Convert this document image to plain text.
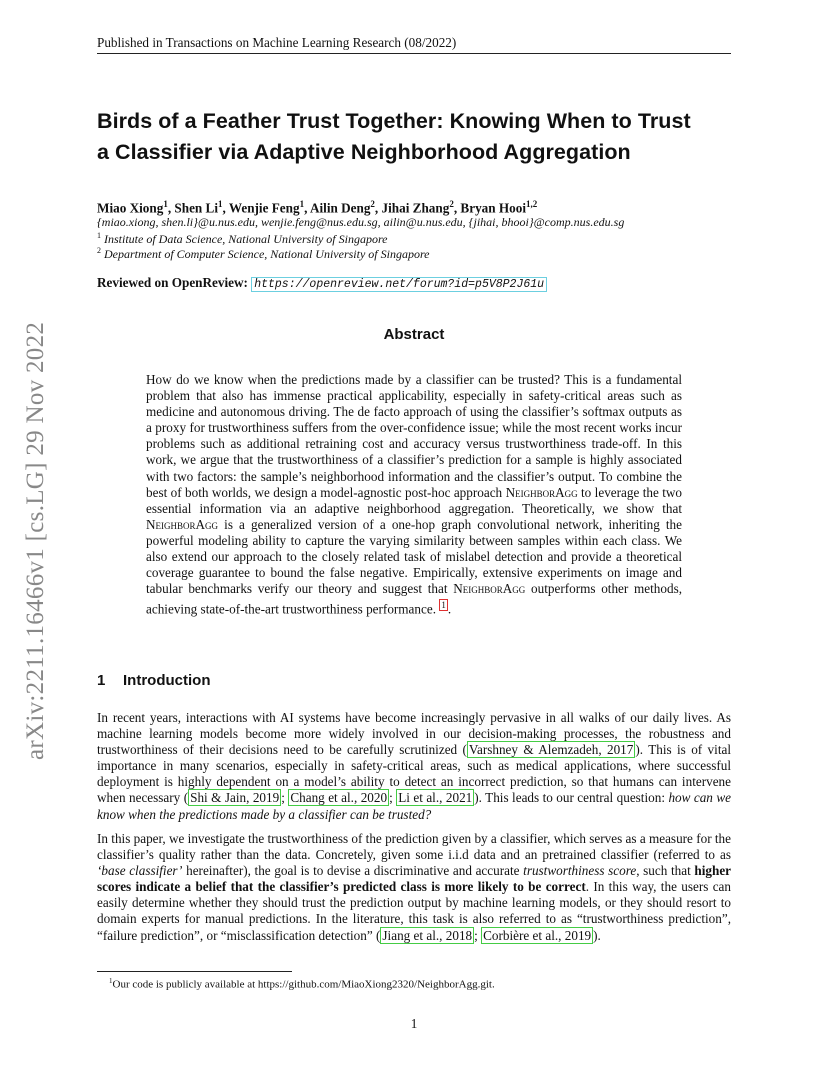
Published in Transactions on Machine Learning Research (08/2022)
Birds of a Feather Trust Together: Knowing When to Trust
a Classifier via Adaptive Neighborhood Aggregation
Miao Xiong$^1$, Shen Li$^1$, Wenjie Feng$^1$, Ailin Deng$^2$, Jihai Zhang$^2$, Bryan Hooi$^{1,2}$
{miao.xiong, shen.li}@u.nus.edu, wenjie.feng@nus.edu.sg, ailin@u.nus.edu, {jihai, bhooi}@comp.nus.edu.sg
$^1$ Institute of Data Science, National University of Singapore
$^2$ Department of Computer Science, National University of Singapore
Reviewed on OpenReview: https://openreview.net/forum?id=p5V8P2J61u
Abstract
How do we know when the predictions made by a classifier can be trusted? This is a fundamental problem that also has immense practical applicability, especially in safety-critical areas such as medicine and autonomous driving. The de facto approach of using the classifier’s softmax outputs as a proxy for trustworthiness suffers from the over-confidence issue; while the most recent works incur problems such as additional retraining cost and accuracy versus trustworthiness trade-off. In this work, we argue that the trustworthiness of a classifier’s prediction for a sample is highly associated with two factors: the sample’s neighborhood information and the classifier’s output. To combine the best of both worlds, we design a model-agnostic post-hoc approach NeighborAgg to leverage the two essential information via an adaptive neighborhood aggregation. Theoretically, we show that NeighborAgg is a generalized version of a one-hop graph convolutional network, inheriting the powerful modeling ability to capture the varying similarity between samples within each class. We also extend our approach to the closely related task of mislabel detection and provide a theoretical coverage guarantee to bound the false negative. Empirically, extensive experiments on image and tabular benchmarks verify our theory and suggest that NeighborAgg outperforms other methods, achieving state-of-the-art trustworthiness performance. $^1$ .
1 Introduction
In recent years, interactions with AI systems have become increasingly pervasive in all walks of our daily lives. As machine learning models become more widely involved in our decision-making processes, the robustness and trustworthiness of their decisions need to be carefully scrutinized ( Varshney & Alemzadeh, 2017 ). This is of vital importance in many scenarios, especially in safety-critical areas, such as medical applications, where successful deployment is highly dependent on a model’s ability to detect an incorrect prediction, so that humans can intervene when necessary ( Shi & Jain, 2019 ; Chang et al., 2020 ; Li et al., 2021 ). This leads to our central question: how can we know when the predictions made by a classifier can be trusted?
In this paper, we investigate the trustworthiness of the prediction given by a classifier, which serves as a measure for the classifier’s quality rather than the data. Concretely, given some i.i.d data and an pretrained classifier (referred to as ‘base classifier’ hereinafter), the goal is to devise a discriminative and accurate trustworthiness score, such that higher scores indicate a belief that the classifier’s predicted class is more likely to be correct. In this way, the users can easily determine whether they should trust the prediction output by machine learning models, or they should resort to domain experts for manual predictions. In the literature, this task is also referred to as “trustworthiness prediction”, “failure prediction”, or “misclassification detection” ( Jiang et al., 2018 ; Corbière et al., 2019 ).
$^1$Our code is publicly available at https://github.com/MiaoXiong2320/NeighborAgg.git.
1
arXiv:2211.16466v1 [cs.LG] 29 Nov 2022
